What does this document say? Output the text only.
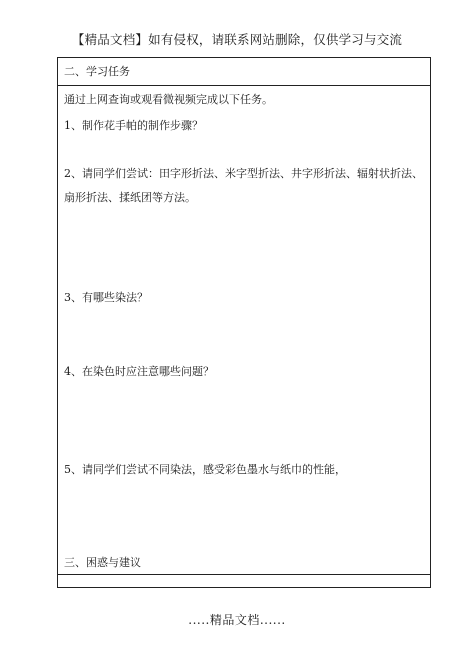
【精品文档】如有侵权，请联系网站删除，仅供学习与交流
二、学习任务
通过上网查询或观看微视频完成以下任务。
1、制作花手帕的制作步骤？
2、请同学们尝试：田字形折法、米字型折法、井字形折法、辐射状折法、
扇形折法、揉纸团等方法。
3、有哪些染法？
4、在染色时应注意哪些问题？
5、请同学们尝试不同染法，感受彩色墨水与纸巾的性能，
三、困惑与建议
.....精品文档......
